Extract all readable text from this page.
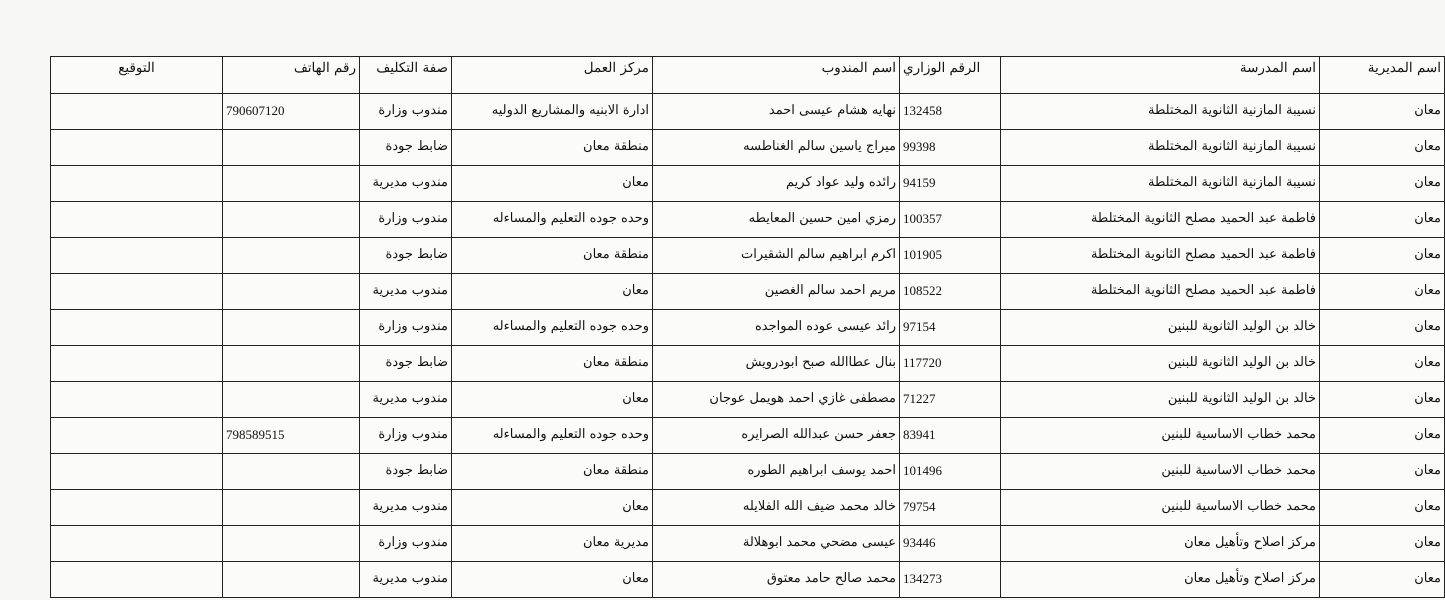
اسم المديرية	اسم المدرسة	الرقم الوزاري	اسم المندوب	مركز العمل	صفة التكليف	رقم الهاتف	التوقيع
معان	نسيبة المازنية الثانوية المختلطة	132458	نهايه هشام عيسى احمد	ادارة الابنيه والمشاريع الدوليه	مندوب وزارة	790607120	
معان	نسيبة المازنية الثانوية المختلطة	99398	ميراج ياسين سالم الغناطسه	منطقة معان	ضابط جودة		
معان	نسيبة المازنية الثانوية المختلطة	94159	رائده وليد عواد كريم	معان	مندوب مديرية		
معان	فاطمة عبد الحميد مصلح الثانوية المختلطة	100357	رمزي امين حسين المعايطه	وحده جوده التعليم والمساءله	مندوب وزارة		
معان	فاطمة عبد الحميد مصلح الثانوية المختلطة	101905	اكرم ابراهيم سالم الشقيرات	منطقة معان	ضابط جودة		
معان	فاطمة عبد الحميد مصلح الثانوية المختلطة	108522	مريم احمد سالم الغصين	معان	مندوب مديرية		
معان	خالد بن الوليد الثانوية للبنين	97154	رائد عيسى عوده المواجده	وحده جوده التعليم والمساءله	مندوب وزارة		
معان	خالد بن الوليد الثانوية للبنين	117720	بنال عطاالله صبح ابودرويش	منطقة معان	ضابط جودة		
معان	خالد بن الوليد الثانوية للبنين	71227	مصطفى غازي احمد هويمل عوجان	معان	مندوب مديرية		
معان	محمد خطاب الاساسية للبنين	83941	جعفر حسن عبدالله الصرايره	وحده جوده التعليم والمساءله	مندوب وزارة	798589515	
معان	محمد خطاب الاساسية للبنين	101496	احمد يوسف ابراهيم الطوره	منطقة معان	ضابط جودة		
معان	محمد خطاب الاساسية للبنين	79754	خالد محمد ضيف الله الفلايله	معان	مندوب مديرية		
معان	مركز اصلاح وتأهيل معان	93446	عيسى مضحي محمد ابوهلالة	مديرية معان	مندوب وزارة		
معان	مركز اصلاح وتأهيل معان	134273	محمد صالح حامد معتوق	معان	مندوب مديرية		
